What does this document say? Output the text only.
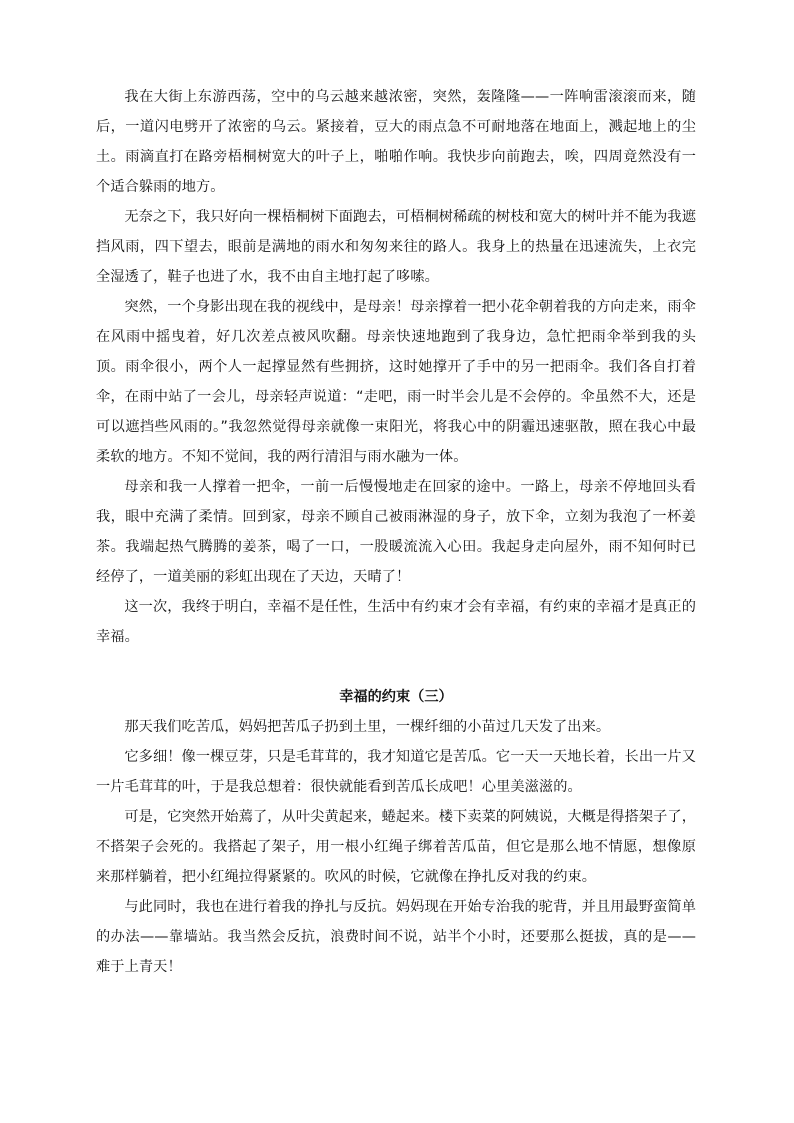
我在大街上东游西荡，空中的乌云越来越浓密，突然，轰隆隆——一阵响雷滚滚而来，随后，一道闪电劈开了浓密的乌云。紧接着，豆大的雨点急不可耐地落在地面上，溅起地上的尘土。雨滴直打在路旁梧桐树宽大的叶子上，啪啪作响。我快步向前跑去，唉，四周竟然没有一个适合躲雨的地方。

无奈之下，我只好向一棵梧桐树下面跑去，可梧桐树稀疏的树枝和宽大的树叶并不能为我遮挡风雨，四下望去，眼前是满地的雨水和匆匆来往的路人。我身上的热量在迅速流失，上衣完全湿透了，鞋子也进了水，我不由自主地打起了哆嗦。

突然，一个身影出现在我的视线中，是母亲！母亲撑着一把小花伞朝着我的方向走来，雨伞在风雨中摇曳着，好几次差点被风吹翻。母亲快速地跑到了我身边，急忙把雨伞举到我的头顶。雨伞很小，两个人一起撑显然有些拥挤，这时她撑开了手中的另一把雨伞。我们各自打着伞，在雨中站了一会儿，母亲轻声说道：“走吧，雨一时半会儿是不会停的。伞虽然不大，还是可以遮挡些风雨的。”我忽然觉得母亲就像一束阳光，将我心中的阴霾迅速驱散，照在我心中最柔软的地方。不知不觉间，我的两行清泪与雨水融为一体。

母亲和我一人撑着一把伞，一前一后慢慢地走在回家的途中。一路上，母亲不停地回头看我，眼中充满了柔情。回到家，母亲不顾自己被雨淋湿的身子，放下伞，立刻为我泡了一杯姜茶。我端起热气腾腾的姜茶，喝了一口，一股暖流流入心田。我起身走向屋外，雨不知何时已经停了，一道美丽的彩虹出现在了天边，天晴了！

这一次，我终于明白，幸福不是任性，生活中有约束才会有幸福，有约束的幸福才是真正的幸福。

幸福的约束（三）

那天我们吃苦瓜，妈妈把苦瓜子扔到土里，一棵纤细的小苗过几天发了出来。

它多细！像一棵豆芽，只是毛茸茸的，我才知道它是苦瓜。它一天一天地长着，长出一片又一片毛茸茸的叶，于是我总想着：很快就能看到苦瓜长成吧！心里美滋滋的。

可是，它突然开始蔫了，从叶尖黄起来，蜷起来。楼下卖菜的阿姨说，大概是得搭架子了，不搭架子会死的。我搭起了架子，用一根小红绳子绑着苦瓜苗，但它是那么地不情愿，想像原来那样躺着，把小红绳拉得紧紧的。吹风的时候，它就像在挣扎反对我的约束。

与此同时，我也在进行着我的挣扎与反抗。妈妈现在开始专治我的驼背，并且用最野蛮简单的办法——靠墙站。我当然会反抗，浪费时间不说，站半个小时，还要那么挺拔，真的是——难于上青天！
